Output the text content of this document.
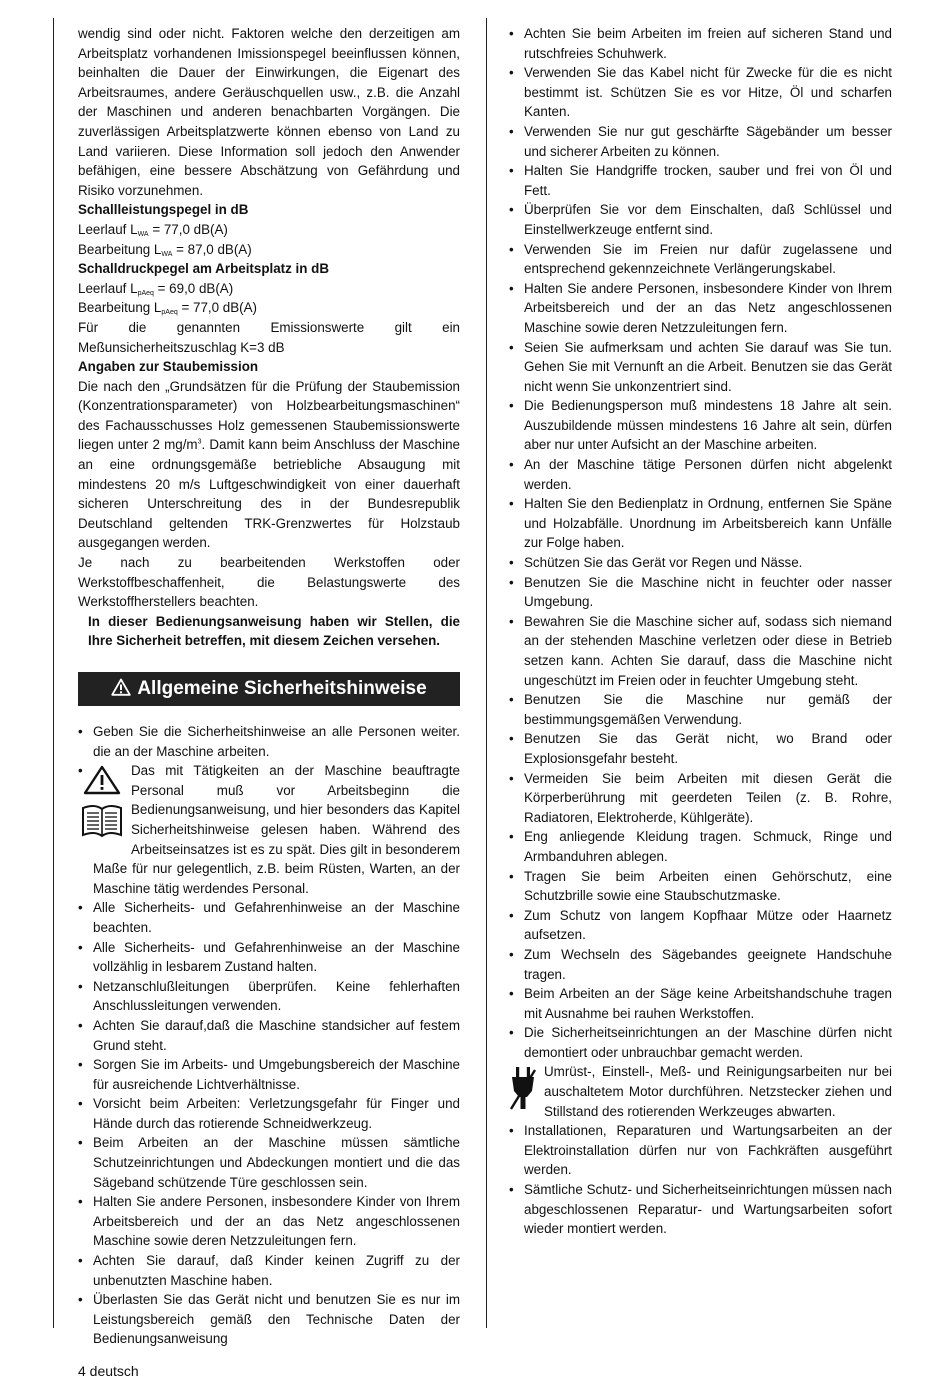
wendig sind oder nicht. Faktoren welche den derzeitigen am Arbeitsplatz vorhandenen Imissionspegel beeinflussen können, beinhalten die Dauer der Einwirkungen, die Eigenart des Arbeitsraumes, andere Geräuschquellen usw., z.B. die Anzahl der Maschinen und anderen benachbarten Vorgängen. Die zuverlässigen Arbeitsplatzwerte können ebenso von Land zu Land variieren. Diese Information soll jedoch den Anwender befähigen, eine bessere Abschätzung von Gefährdung und Risiko vorzunehmen.

Schallleistungspegel in dB

Leerlauf $L_{WA} = 77,0$ dB(A)

Bearbeitung $L_{WA} = 87,0$ dB(A)

Schalldruckpegel am Arbeitsplatz in dB

Leerlauf $L_{pAeq} = 69,0$ dB(A)

Bearbeitung $L_{pAeq} = 77,0$ dB(A)

Für die genannten Emissionswerte gilt ein Meßunsicherheitszuschlag K=3 dB

Angaben zur Staubemission

Die nach den „Grundsätzen für die Prüfung der Staubemission (Konzentrationsparameter) von Holzbearbeitungsmaschinen“ des Fachausschusses Holz gemessenen Staubemissionswerte liegen unter 2 $mg/m^3$. Damit kann beim Anschluss der Maschine an eine ordnungsgemäße betriebliche Absaugung mit mindestens 20 m/s Luftgeschwindigkeit von einer dauerhaft sicheren Unterschreitung des in der Bundesrepublik Deutschland geltenden TRK-Grenzwertes für Holzstaub ausgegangen werden.

Je nach zu bearbeitenden Werkstoffen oder Werkstoffbeschaffenheit, die Belastungswerte des Werkstoffherstellers beachten.

In dieser Bedienungsanweisung haben wir Stellen, die Ihre Sicherheit betreffen, mit diesem Zeichen versehen.

Allgemeine Sicherheitshinweise
• Geben Sie die Sicherheitshinweise an alle Personen weiter. die an der Maschine arbeiten.
• Das mit Tätigkeiten an der Maschine beauftragte Personal muß vor Arbeitsbeginn die Bedienungsanweisung, und hier besonders das Kapitel Sicherheitshinweise gelesen haben. Während des Arbeitseinsatzes ist es zu spät. Dies gilt in besonderem Maße für nur gelegentlich, z.B. beim Rüsten, Warten, an der Maschine tätig werdendes Personal.
• Alle Sicherheits- und Gefahrenhinweise an der Maschine beachten.
• Alle Sicherheits- und Gefahrenhinweise an der Maschine vollzählig in lesbarem Zustand halten.
• Netzanschlußleitungen überprüfen. Keine fehlerhaften Anschlussleitungen verwenden.
• Achten Sie darauf,daß die Maschine standsicher auf festem Grund steht.
• Sorgen Sie im Arbeits- und Umgebungsbereich der Maschine für ausreichende Lichtverhältnisse.
• Vorsicht beim Arbeiten: Verletzungsgefahr für Finger und Hände durch das rotierende Schneidwerkzeug.
• Beim Arbeiten an der Maschine müssen sämtliche Schutzeinrichtungen und Abdeckungen montiert und die das Sägeband schützende Türe geschlossen sein.
• Halten Sie andere Personen, insbesondere Kinder von Ihrem Arbeitsbereich und der an das Netz angeschlossenen Maschine sowie deren Netzzuleitungen fern.
• Achten Sie darauf, daß Kinder keinen Zugriff zu der unbenutzten Maschine haben.
• Überlasten Sie das Gerät nicht und benutzen Sie es nur im Leistungsbereich gemäß den Technische Daten der Bedienungsanweisung
• Achten Sie beim Arbeiten im freien auf sicheren Stand und rutschfreies Schuhwerk.
• Verwenden Sie das Kabel nicht für Zwecke für die es nicht bestimmt ist. Schützen Sie es vor Hitze, Öl und scharfen Kanten.
• Verwenden Sie nur gut geschärfte Sägebänder um besser und sicherer Arbeiten zu können.
• Halten Sie Handgriffe trocken, sauber und frei von Öl und Fett.
• Überprüfen Sie vor dem Einschalten, daß Schlüssel und Einstellwerkzeuge entfernt sind.
• Verwenden Sie im Freien nur dafür zugelassene und entsprechend gekennzeichnete Verlängerungskabel.
• Halten Sie andere Personen, insbesondere Kinder von Ihrem Arbeitsbereich und der an das Netz angeschlossenen Maschine sowie deren Netzzuleitungen fern.
• Seien Sie aufmerksam und achten Sie darauf was Sie tun. Gehen Sie mit Vernunft an die Arbeit. Benutzen sie das Gerät nicht wenn Sie unkonzentriert sind.
• Die Bedienungsperson muß mindestens 18 Jahre alt sein. Auszubildende müssen mindestens 16 Jahre alt sein, dürfen aber nur unter Aufsicht an der Maschine arbeiten.
• An der Maschine tätige Personen dürfen nicht abgelenkt werden.
• Halten Sie den Bedienplatz in Ordnung, entfernen Sie Späne und Holzabfälle. Unordnung im Arbeitsbereich kann Unfälle zur Folge haben.
• Schützen Sie das Gerät vor Regen und Nässe.
• Benutzen Sie die Maschine nicht in feuchter oder nasser Umgebung.
• Bewahren Sie die Maschine sicher auf, sodass sich niemand an der stehenden Maschine verletzen oder diese in Betrieb setzen kann. Achten Sie darauf, dass die Maschine nicht ungeschützt im Freien oder in feuchter Umgebung steht.
• Benutzen Sie die Maschine nur gemäß der bestimmungsgemäßen Verwendung.
• Benutzen Sie das Gerät nicht, wo Brand oder Explosionsgefahr besteht.
• Vermeiden Sie beim Arbeiten mit diesen Gerät die Körperberührung mit geerdeten Teilen (z. B. Rohre, Radiatoren, Elektroherde, Kühlgeräte).
• Eng anliegende Kleidung tragen. Schmuck, Ringe und Armbanduhren ablegen.
• Tragen Sie beim Arbeiten einen Gehörschutz, eine Schutzbrille sowie eine Staubschutzmaske.
• Zum Schutz von langem Kopfhaar Mütze oder Haarnetz aufsetzen.
• Zum Wechseln des Sägebandes geeignete Handschuhe tragen.
• Beim Arbeiten an der Säge keine Arbeitshandschuhe tragen mit Ausnahme bei rauhen Werkstoffen.
• Die Sicherheitseinrichtungen an der Maschine dürfen nicht demontiert oder unbrauchbar gemacht werden.
Umrüst-, Einstell-, Meß- und Reinigungsarbeiten nur bei auschaltetem Motor durchführen. Netzstecker ziehen und Stillstand des rotierenden Werkzeuges abwarten.
• Installationen, Reparaturen und Wartungsarbeiten an der Elektroinstallation dürfen nur von Fachkräften ausgeführt werden.
• Sämtliche Schutz- und Sicherheitseinrichtungen müssen nach abgeschlossenen Reparatur- und Wartungsarbeiten sofort wieder montiert werden.
4 deutsch
